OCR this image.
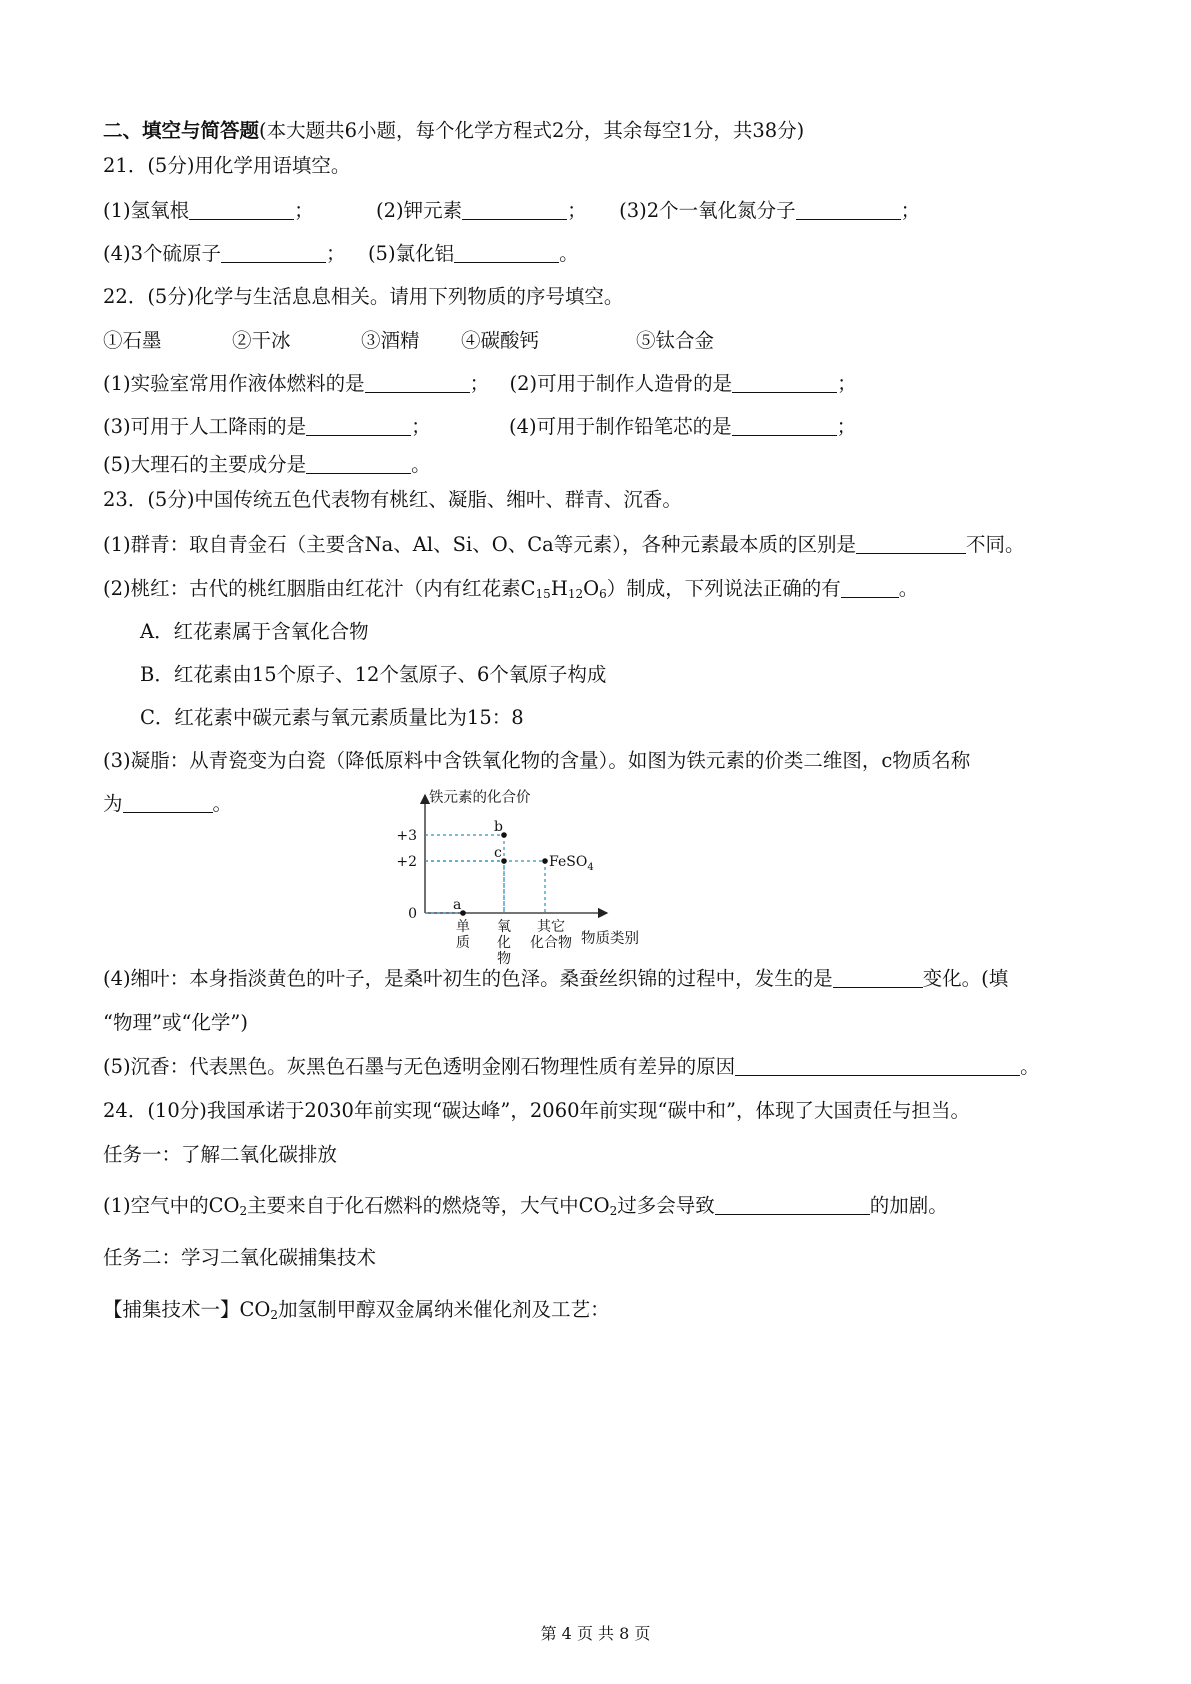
二、填空与简答题(本大题共6小题，每个化学方程式2分，其余每空1分，共38分)
21．(5分)用化学用语填空。
(1)氢氧根	；	(2)钾元素	； (3)2个一氧化氮分子	；
(4)3个硫原子	； (5)氯化铝	。
22．(5分)化学与生活息息相关。请用下列物质的序号填空。
①石墨	②干冰	③酒精 ④碳酸钙	⑤钛合金
(1)实验室常用作液体燃料的是	； (2)可用于制作人造骨的是	；
(3)可用于人工降雨的是	；	(4)可用于制作铅笔芯的是	；
(5)大理石的主要成分是	。
23．(5分)中国传统五色代表物有桃红、凝脂、缃叶、群青、沉香。
(1)群青：取自青金石（主要含Na、Al、Si、O、Ca等元素），各种元素最本质的区别是	不同。
(2)桃红：古代的桃红胭脂由红花汁（内有红花素$C_{15}H_{12}O_6$）制成，下列说法正确的有	。
A．红花素属于含氧化合物
B．红花素由15个原子、12个氢原子、6个氧原子构成
C．红花素中碳元素与氧元素质量比为15：8
(3)凝脂：从青瓷变为白瓷（降低原料中含铁氧化物的含量）。如图为铁元素的价类二维图，c物质名称
为	。	铁元素的化合价
物质类别
+3
+2
0
单
质
氧
化
物
其它
化合物
a
b
c
FeSO$_4$
(4)缃叶：本身指淡黄色的叶子，是桑叶初生的色泽。桑蚕丝织锦的过程中，发生的是	变化。(填
“物理”或“化学”)
(5)沉香：代表黑色。灰黑色石墨与无色透明金刚石物理性质有差异的原因	。
24．(10分)我国承诺于2030年前实现“碳达峰”，2060年前实现“碳中和”，体现了大国责任与担当。
任务一：了解二氧化碳排放
(1)空气中的$CO_2$主要来自于化石燃料的燃烧等，大气中$CO_2$过多会导致	的加剧。
任务二：学习二氧化碳捕集技术
【捕集技术一】$CO_2$加氢制甲醇双金属纳米催化剂及工艺：
第 4 页 共 8 页
